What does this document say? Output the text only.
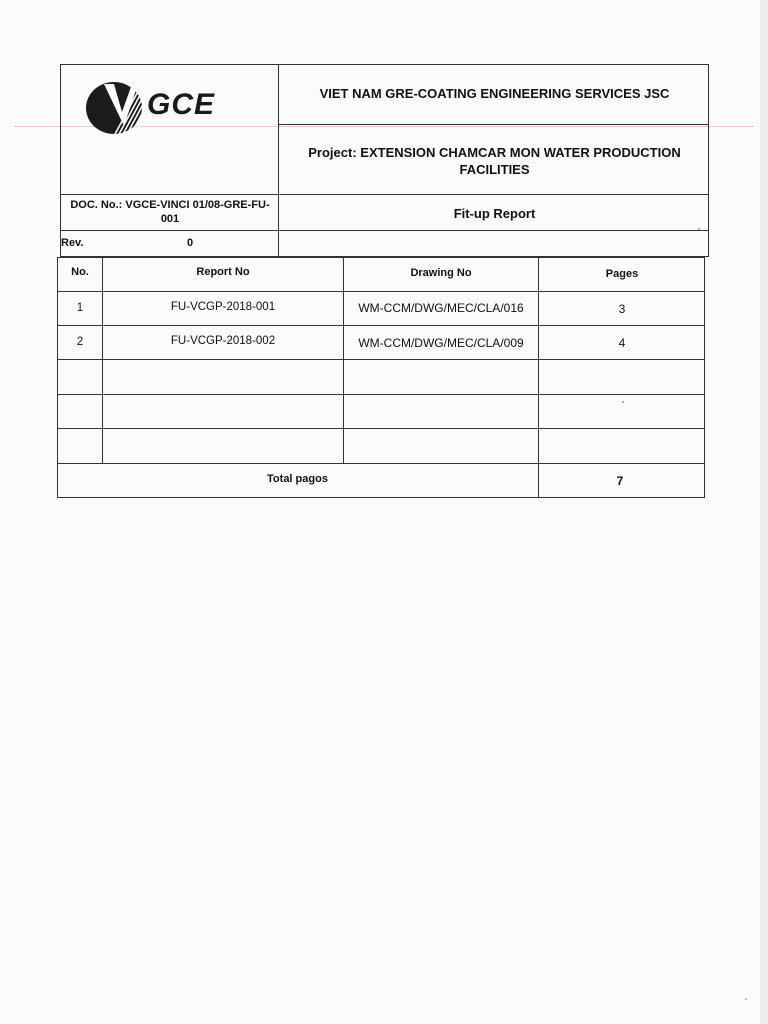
GCE	VIET NAM GRE-COATING ENGINEERING SERVICES JSC
Project: EXTENSION CHAMCAR MON WATER PRODUCTION
FACILITIES
DOC. No.: VGCE-VINCI 01/08-GRE-FU-
001	Fit-up Report
Rev.	0
No.	Report No	Drawing No	Pages
1	FU-VCGP-2018-001	WM-CCM/DWG/MEC/CLA/016	3
2	FU-VCGP-2018-002	WM-CCM/DWG/MEC/CLA/009	4
Total pagos	7
